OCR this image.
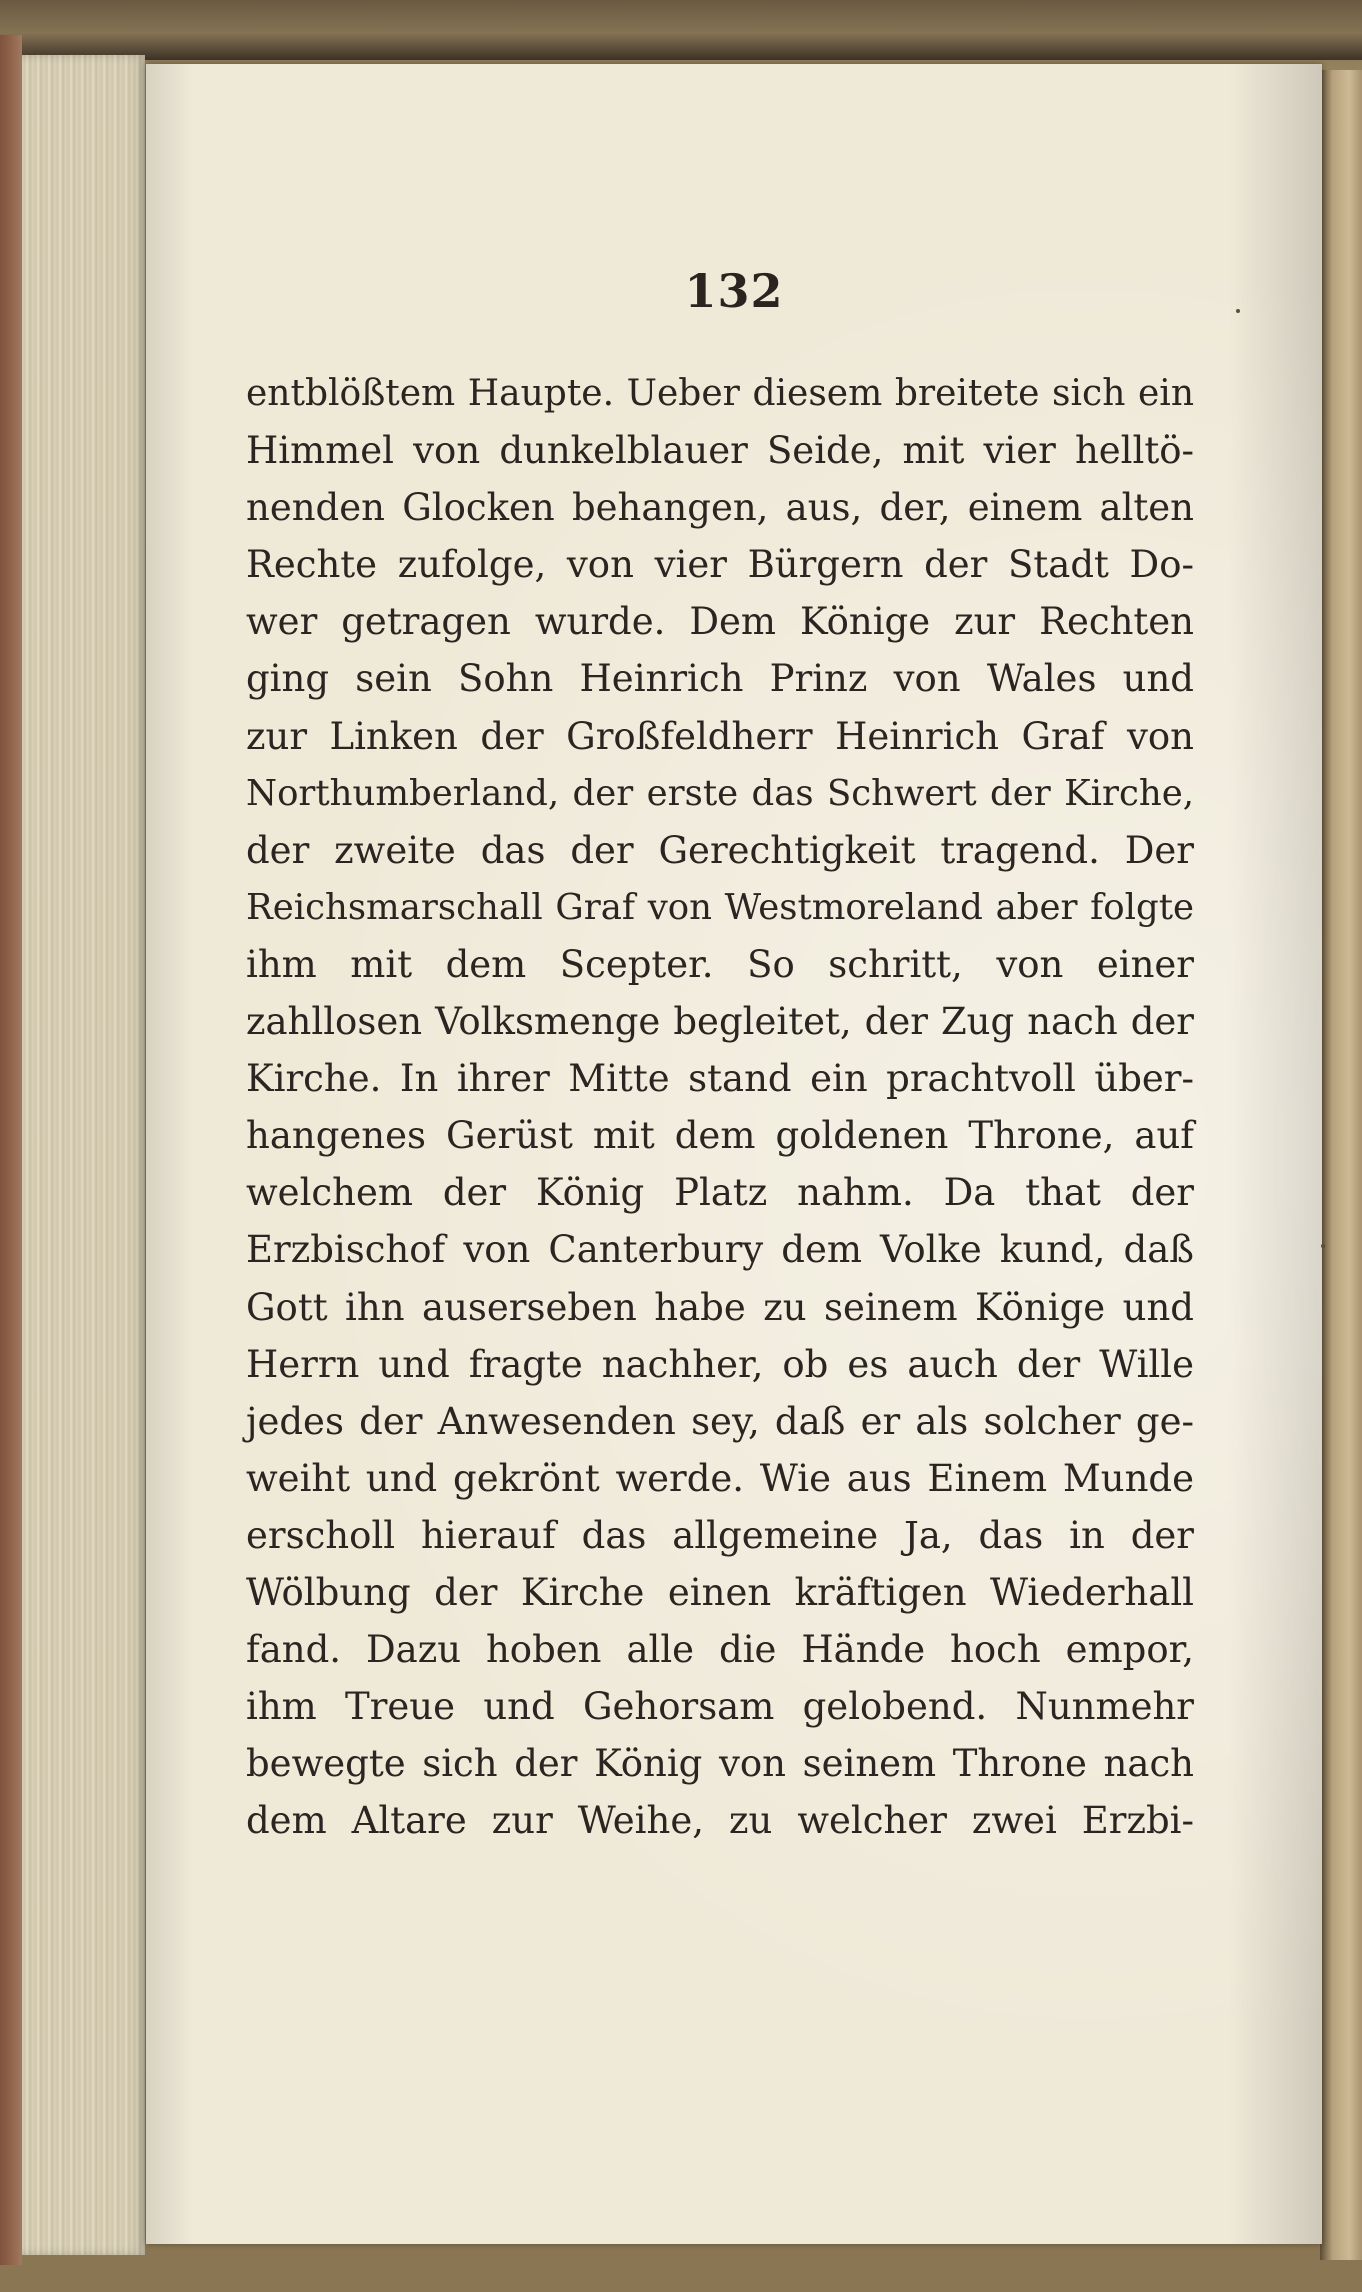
132
entblößtem Haupte. Ueber diesem breitete sich ein
Himmel von dunkelblauer Seide, mit vier helltö-
nenden Glocken behangen, aus, der, einem alten
Rechte zufolge, von vier Bürgern der Stadt Do-
wer getragen wurde. Dem Könige zur Rechten
ging sein Sohn Heinrich Prinz von Wales und
zur Linken der Großfeldherr Heinrich Graf von
Northumberland, der erste das Schwert der Kirche,
der zweite das der Gerechtigkeit tragend. Der
Reichsmarschall Graf von Westmoreland aber folgte
ihm mit dem Scepter. So schritt, von einer
zahllosen Volksmenge begleitet, der Zug nach der
Kirche. In ihrer Mitte stand ein prachtvoll über-
hangenes Gerüst mit dem goldenen Throne, auf
welchem der König Platz nahm. Da that der
Erzbischof von Canterbury dem Volke kund, daß
Gott ihn auserseben habe zu seinem Könige und
Herrn und fragte nachher, ob es auch der Wille
jedes der Anwesenden sey, daß er als solcher ge-
weiht und gekrönt werde. Wie aus Einem Munde
erscholl hierauf das allgemeine Ja, das in der
Wölbung der Kirche einen kräftigen Wiederhall
fand. Dazu hoben alle die Hände hoch empor,
ihm Treue und Gehorsam gelobend. Nunmehr
bewegte sich der König von seinem Throne nach
dem Altare zur Weihe, zu welcher zwei Erzbi-
